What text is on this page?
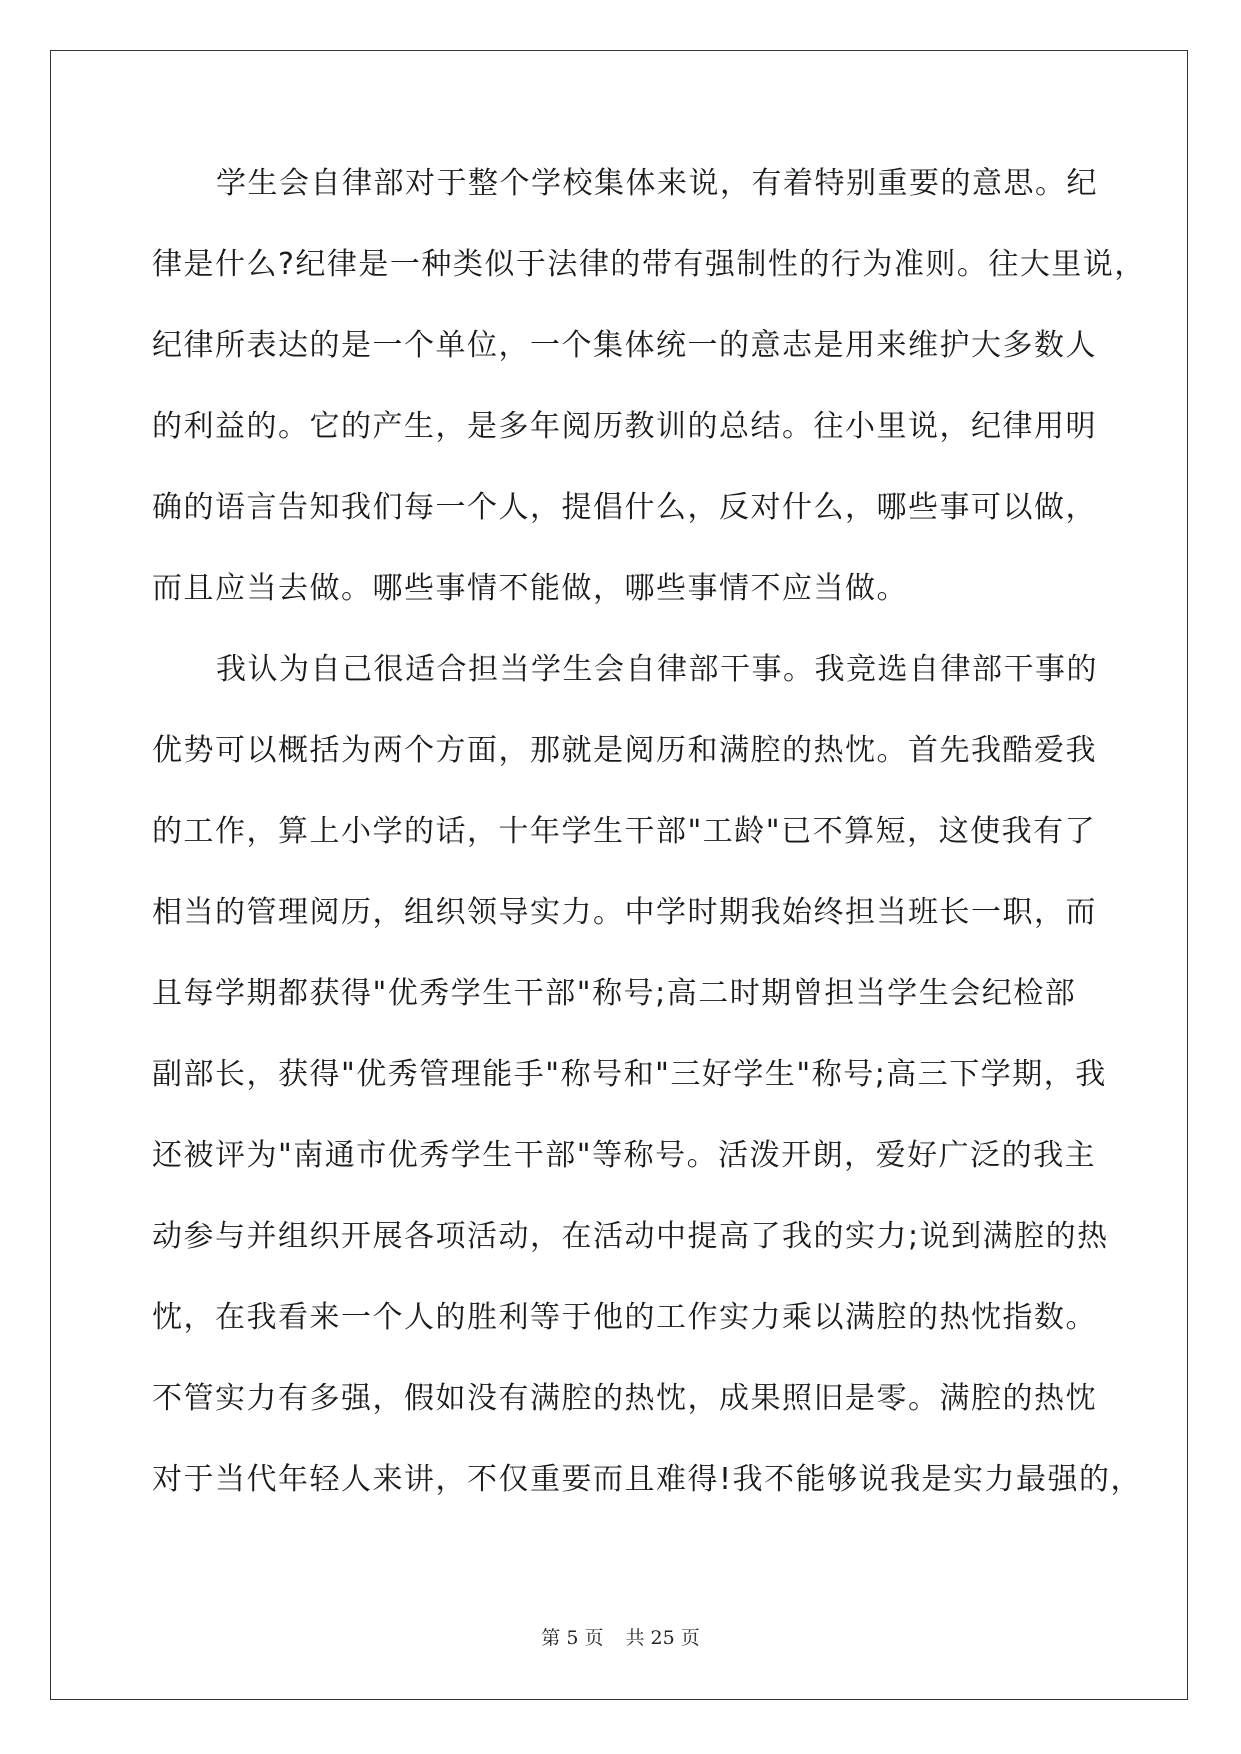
学生会自律部对于整个学校集体来说，有着特别重要的意思。纪
律是什么?纪律是一种类似于法律的带有强制性的行为准则。往大里说，
纪律所表达的是一个单位，一个集体统一的意志是用来维护大多数人
的利益的。它的产生，是多年阅历教训的总结。往小里说，纪律用明
确的语言告知我们每一个人，提倡什么，反对什么，哪些事可以做，
而且应当去做。哪些事情不能做，哪些事情不应当做。
我认为自己很适合担当学生会自律部干事。我竞选自律部干事的
优势可以概括为两个方面，那就是阅历和满腔的热忱。首先我酷爱我
的工作，算上小学的话，十年学生干部"工龄"已不算短，这使我有了
相当的管理阅历，组织领导实力。中学时期我始终担当班长一职，而
且每学期都获得"优秀学生干部"称号;高二时期曾担当学生会纪检部
副部长，获得"优秀管理能手"称号和"三好学生"称号;高三下学期，我
还被评为"南通市优秀学生干部"等称号。活泼开朗，爱好广泛的我主
动参与并组织开展各项活动，在活动中提高了我的实力;说到满腔的热
忱，在我看来一个人的胜利等于他的工作实力乘以满腔的热忱指数。
不管实力有多强，假如没有满腔的热忱，成果照旧是零。满腔的热忱
对于当代年轻人来讲，不仅重要而且难得!我不能够说我是实力最强的，
第 5 页 共 25 页
